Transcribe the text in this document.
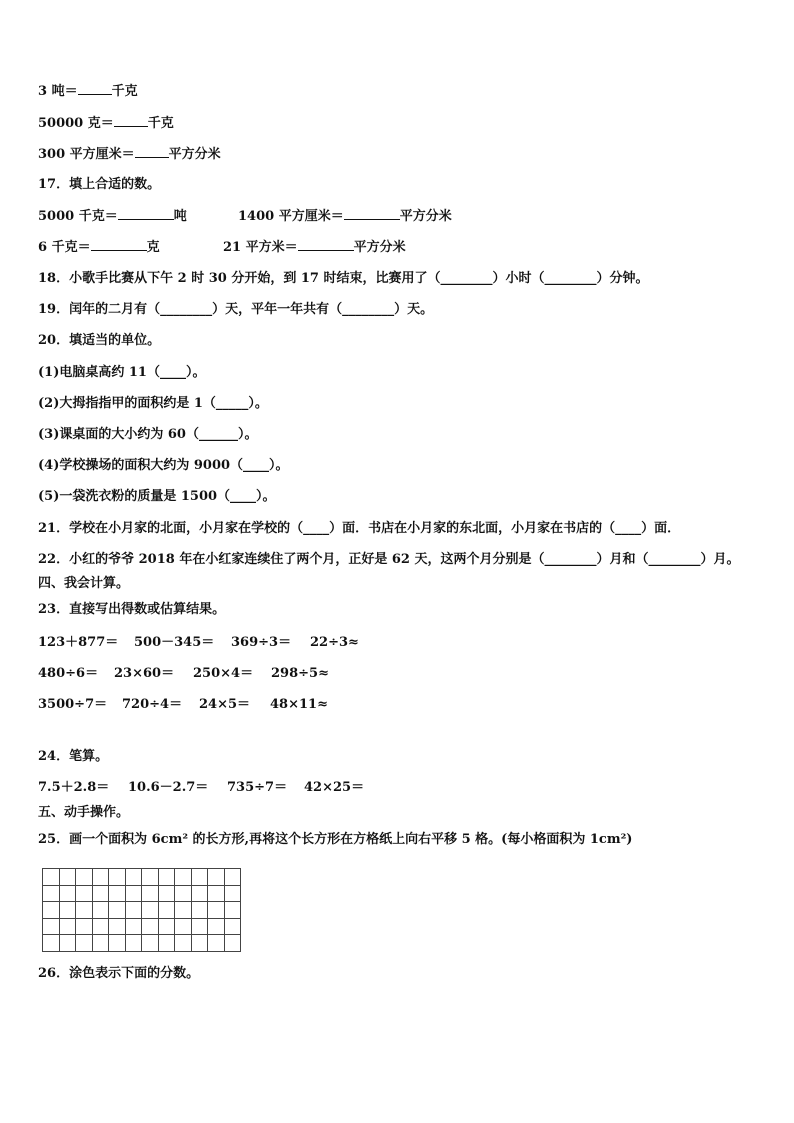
3 吨＝	千克
50000 克＝	千克
300 平方厘米＝	平方分米
17．填上合适的数。
5000 千克＝	吨	1400 平方厘米＝	平方分米
6 千克＝	克	21 平方米＝	平方分米
18．小歌手比赛从下午 2 时 30 分开始，到 17 时结束，比赛用了（________）小时（________）分钟。
19．闰年的二月有（________）天，平年一年共有（________）天。
20．填适当的单位。
(1)电脑桌高约 11（____）。
(2)大拇指指甲的面积约是 1（_____）。
(3)课桌面的大小约为 60（______）。
(4)学校操场的面积大约为 9000（____）。
(5)一袋洗衣粉的质量是 1500（____）。
21．学校在小月家的北面，小月家在学校的（____）面．书店在小月家的东北面，小月家在书店的（____）面．
22．小红的爷爷 2018 年在小红家连续住了两个月，正好是 62 天，这两个月分别是（________）月和（________）月。
四、我会计算。
23．直接写出得数或估算结果。
123＋877＝ 500－345＝ 369÷3＝ 22÷3≈
480÷6＝ 23×60＝ 250×4＝ 298÷5≈
3500÷7＝ 720÷4＝ 24×5＝ 48×11≈
24．笔算。
7.5＋2.8＝ 10.6－2.7＝ 735÷7＝ 42×25＝
五、动手操作。
25．画一个面积为 6cm² 的长方形,再将这个长方形在方格纸上向右平移 5 格。(每小格面积为 1cm²)

26．涂色表示下面的分数。
